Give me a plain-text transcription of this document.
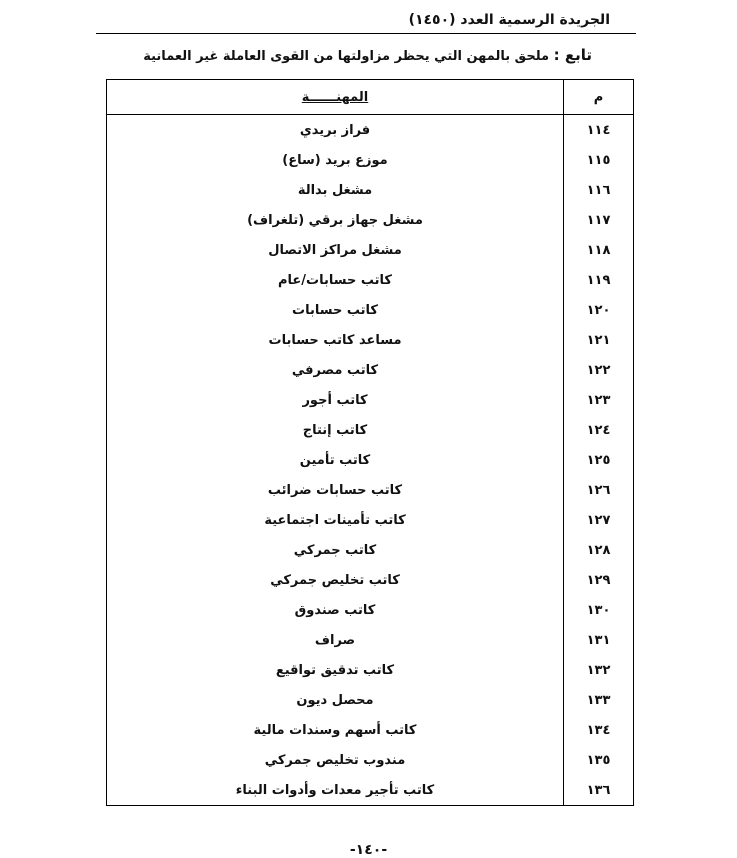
الجريدة الرسمية العدد (١٤٥٠)
تابع : ملحق بالمهن التي يحظر مزاولتها من القوى العاملة غير العمانية
م	المهنــــــة
١١٤	فراز بريدي
١١٥	موزع بريد (ساع)
١١٦	مشغل بدالة
١١٧	مشغل جهاز برقي (تلغراف)
١١٨	مشغل مراكز الاتصال
١١٩	كاتب حسابات/عام
١٢٠	كاتب حسابات
١٢١	مساعد كاتب حسابات
١٢٢	كاتب مصرفي
١٢٣	كاتب أجور
١٢٤	كاتب إنتاج
١٢٥	كاتب تأمين
١٢٦	كاتب حسابات ضرائب
١٢٧	كاتب تأمينات اجتماعية
١٢٨	كاتب جمركي
١٢٩	كاتب تخليص جمركي
١٣٠	كاتب صندوق
١٣١	صراف
١٣٢	كاتب تدقيق تواقيع
١٣٣	محصل ديون
١٣٤	كاتب أسهم وسندات مالية
١٣٥	مندوب تخليص جمركي
١٣٦	كاتب تأجير معدات وأدوات البناء
-١٤٠-
